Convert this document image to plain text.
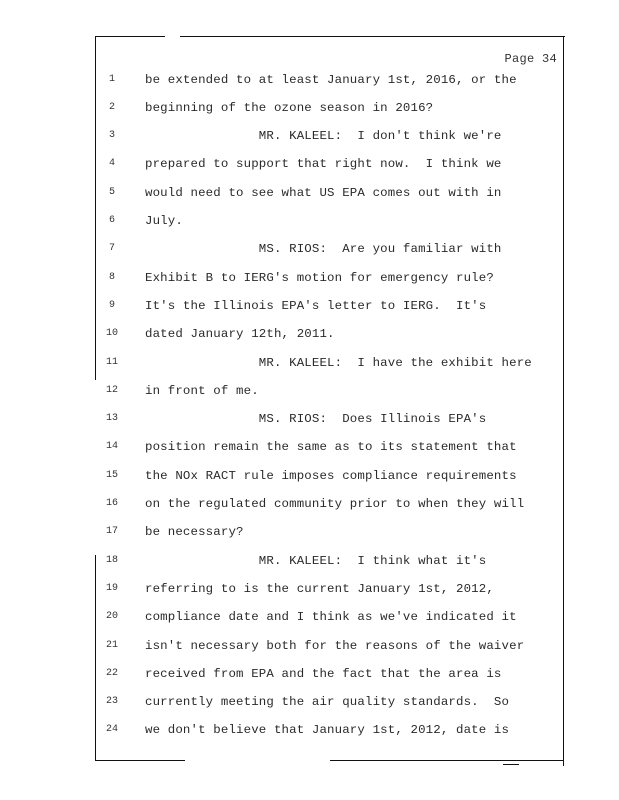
Page 34
1	be extended to at least January 1st, 2016, or the
2	beginning of the ozone season in 2016?
3	MR. KALEEL:  I don't think we're
4	prepared to support that right now.  I think we
5	would need to see what US EPA comes out with in
6	July.
7	MS. RIOS:  Are you familiar with
8	Exhibit B to IERG's motion for emergency rule?
9	It's the Illinois EPA's letter to IERG.  It's
10	dated January 12th, 2011.
11	MR. KALEEL:  I have the exhibit here
12	in front of me.
13	MS. RIOS:  Does Illinois EPA's
14	position remain the same as to its statement that
15	the NOx RACT rule imposes compliance requirements
16	on the regulated community prior to when they will
17	be necessary?
18	MR. KALEEL:  I think what it's
19	referring to is the current January 1st, 2012,
20	compliance date and I think as we've indicated it
21	isn't necessary both for the reasons of the waiver
22	received from EPA and the fact that the area is
23	currently meeting the air quality standards.  So
24	we don't believe that January 1st, 2012, date is
